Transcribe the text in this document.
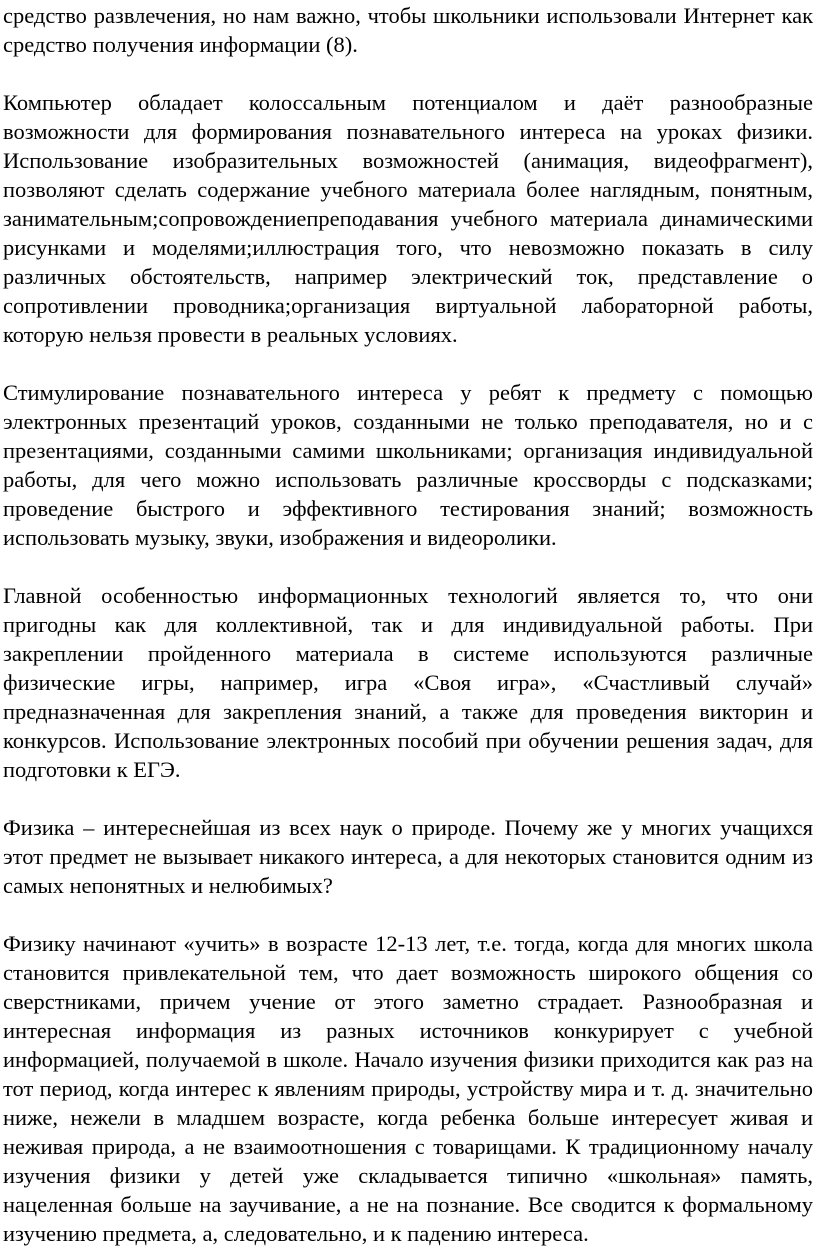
средство развлечения, но нам важно, чтобы школьники использовали Интернет как средство получения информации (8).

Компьютер обладает колоссальным потенциалом и даёт разнообразные возможности для формирования познавательного интереса на уроках физики. Использование изобразительных возможностей (анимация, видеофрагмент), позволяют сделать содержание учебного материала более наглядным, понятным, занимательным;сопровождениепреподавания учебного материала динамическими рисунками и моделями;иллюстрация того, что невозможно показать в силу различных обстоятельств, например электрический ток, представление о сопротивлении проводника;организация виртуальной лабораторной работы, которую нельзя провести в реальных условиях.

Стимулирование познавательного интереса у ребят к предмету с помощью электронных презентаций уроков, созданными не только преподавателя, но и с презентациями, созданными самими школьниками; организация индивидуальной работы, для чего можно использовать различные кроссворды с подсказками; проведение быстрого и эффективного тестирования знаний; возможность использовать музыку, звуки, изображения и видеоролики.

Главной особенностью информационных технологий является то, что они пригодны как для коллективной, так и для индивидуальной работы. При закреплении пройденного материала в системе используются различные физические игры, например, игра «Своя игра», «Счастливый случай» предназначенная для закрепления знаний, а также для проведения викторин и конкурсов. Использование электронных пособий при обучении решения задач, для подготовки к ЕГЭ.

Физика – интереснейшая из всех наук о природе. Почему же у многих учащихся этот предмет не вызывает никакого интереса, а для некоторых становится одним из самых непонятных и нелюбимых?

Физику начинают «учить» в возрасте 12-13 лет, т.е. тогда, когда для многих школа становится привлекательной тем, что дает возможность широкого общения со сверстниками, причем учение от этого заметно страдает. Разнообразная и интересная информация из разных источников конкурирует с учебной информацией, получаемой в школе. Начало изучения физики приходится как раз на тот период, когда интерес к явлениям природы, устройству мира и т. д. значительно ниже, нежели в младшем возрасте, когда ребенка больше интересует живая и неживая природа, а не взаимоотношения с товарищами. К традиционному началу изучения физики у детей уже складывается типично «школьная» память, нацеленная больше на заучивание, а не на познание. Все сводится к формальному изучению предмета, а, следовательно, и к падению интереса.
